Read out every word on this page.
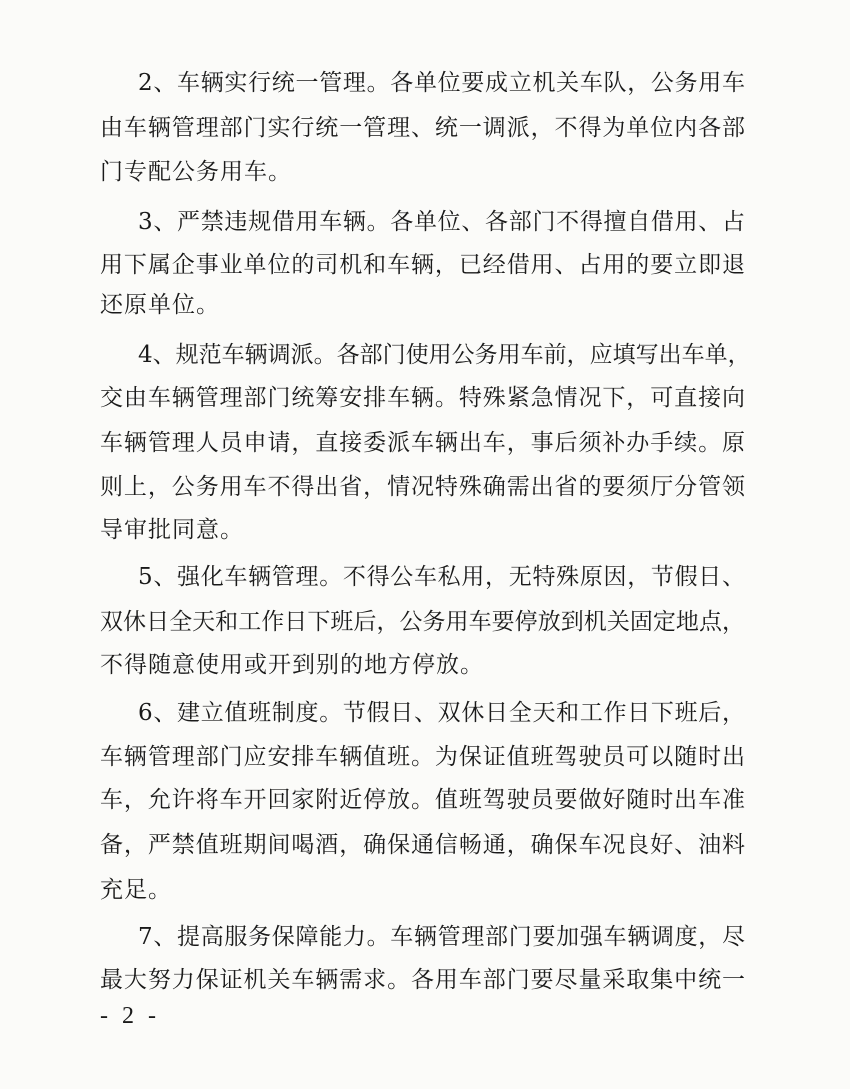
2、车辆实行统一管理。各单位要成立机关车队，公务用车
由车辆管理部门实行统一管理、统一调派，不得为单位内各部
门专配公务用车。
3、严禁违规借用车辆。各单位、各部门不得擅自借用、占
用下属企事业单位的司机和车辆，已经借用、占用的要立即退
还原单位。
4、规范车辆调派。各部门使用公务用车前，应填写出车单，
交由车辆管理部门统筹安排车辆。特殊紧急情况下，可直接向
车辆管理人员申请，直接委派车辆出车，事后须补办手续。原
则上，公务用车不得出省，情况特殊确需出省的要须厅分管领
导审批同意。
5、强化车辆管理。不得公车私用，无特殊原因，节假日、
双休日全天和工作日下班后，公务用车要停放到机关固定地点，
不得随意使用或开到别的地方停放。
6、建立值班制度。节假日、双休日全天和工作日下班后，
车辆管理部门应安排车辆值班。为保证值班驾驶员可以随时出
车，允许将车开回家附近停放。值班驾驶员要做好随时出车准
备，严禁值班期间喝酒，确保通信畅通，确保车况良好、油料
充足。
7、提高服务保障能力。车辆管理部门要加强车辆调度，尽
最大努力保证机关车辆需求。各用车部门要尽量采取集中统一
- 2 -
